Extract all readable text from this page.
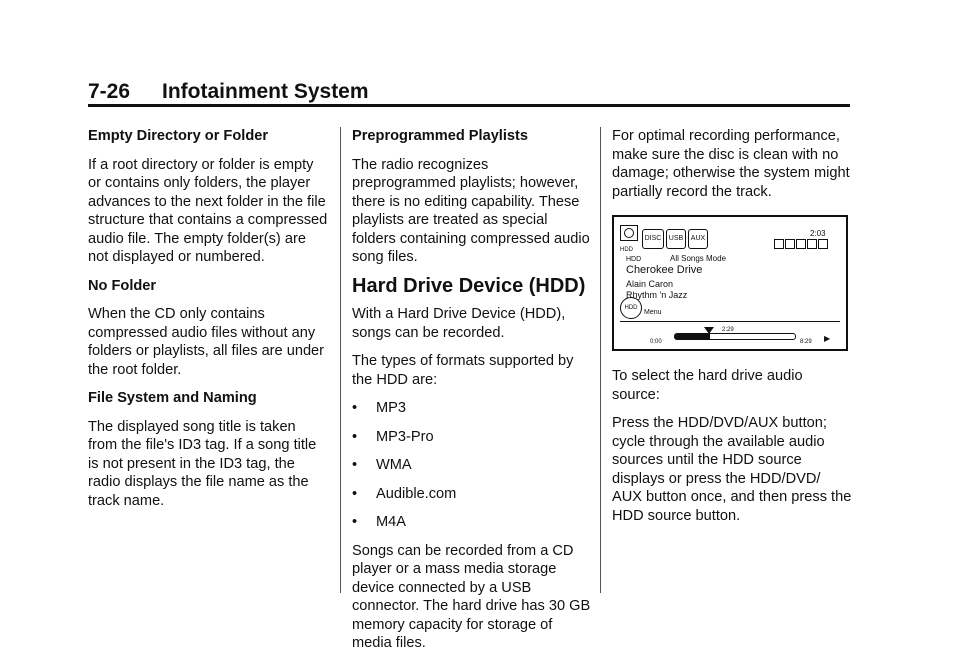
7-26 Infotainment System
Empty Directory or Folder

If a root directory or folder is empty or contains only folders, the player advances to the next folder in the file structure that contains a compressed audio file. The empty folder(s) are not displayed or numbered.

No Folder

When the CD only contains compressed audio files without any folders or playlists, all files are under the root folder.

File System and Naming

The displayed song title is taken from the file's ID3 tag. If a song title is not present in the ID3 tag, the radio displays the file name as the track name.

Preprogrammed Playlists

The radio recognizes preprogrammed playlists; however, there is no editing capability. These playlists are treated as special folders containing compressed audio song files.

Hard Drive Device (HDD)

With a Hard Drive Device (HDD), songs can be recorded.

The types of formats supported by the HDD are:

• MP3
• MP3-Pro
• WMA
• Audible.com
• M4A

Songs can be recorded from a CD player or a mass media storage device connected by a USB connector. The hard drive has 30 GB memory capacity for storage of media files.

For optimal recording performance, make sure the disc is clean with no damage; otherwise the system might partially record the track.

HDD
DISC	USB	AUX
2:03
HDD	All Songs Mode
Cherokee Drive
Alain Caron
Rhythm 'n Jazz
HDD
Menu
2:29
0:00	8:29 ▶

To select the hard drive audio source:

Press the HDD/DVD/AUX button; cycle through the available audio sources until the HDD source displays or press the HDD/DVD/ AUX button once, and then press the HDD source button.
